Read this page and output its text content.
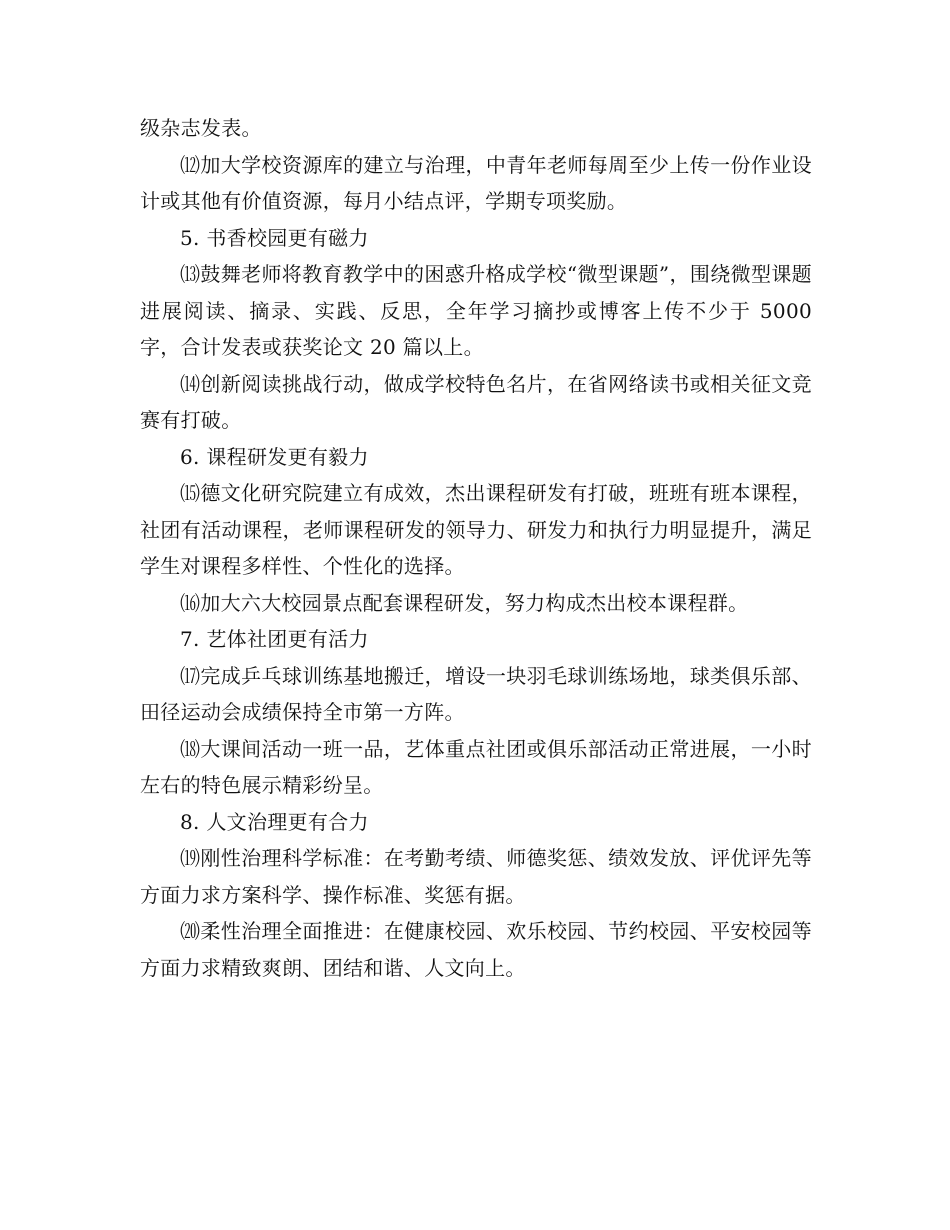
级杂志发表。

⑿加大学校资源库的建立与治理，中青年老师每周至少上传一份作业设计或其他有价值资源，每月小结点评，学期专项奖励。

5. 书香校园更有磁力

⒀鼓舞老师将教育教学中的困惑升格成学校“微型课题”，围绕微型课题进展阅读、摘录、实践、反思，全年学习摘抄或博客上传不少于 5000 字，合计发表或获奖论文 20 篇以上。

⒁创新阅读挑战行动，做成学校特色名片，在省网络读书或相关征文竞赛有打破。

6. 课程研发更有毅力

⒂德文化研究院建立有成效，杰出课程研发有打破，班班有班本课程，社团有活动课程，老师课程研发的领导力、研发力和执行力明显提升，满足学生对课程多样性、个性化的选择。

⒃加大六大校园景点配套课程研发，努力构成杰出校本课程群。

7. 艺体社团更有活力

⒄完成乒乓球训练基地搬迁，增设一块羽毛球训练场地，球类俱乐部、田径运动会成绩保持全市第一方阵。

⒅大课间活动一班一品，艺体重点社团或俱乐部活动正常进展，一小时左右的特色展示精彩纷呈。

8. 人文治理更有合力

⒆刚性治理科学标准：在考勤考绩、师德奖惩、绩效发放、评优评先等方面力求方案科学、操作标准、奖惩有据。

⒇柔性治理全面推进：在健康校园、欢乐校园、节约校园、平安校园等方面力求精致爽朗、团结和谐、人文向上。
